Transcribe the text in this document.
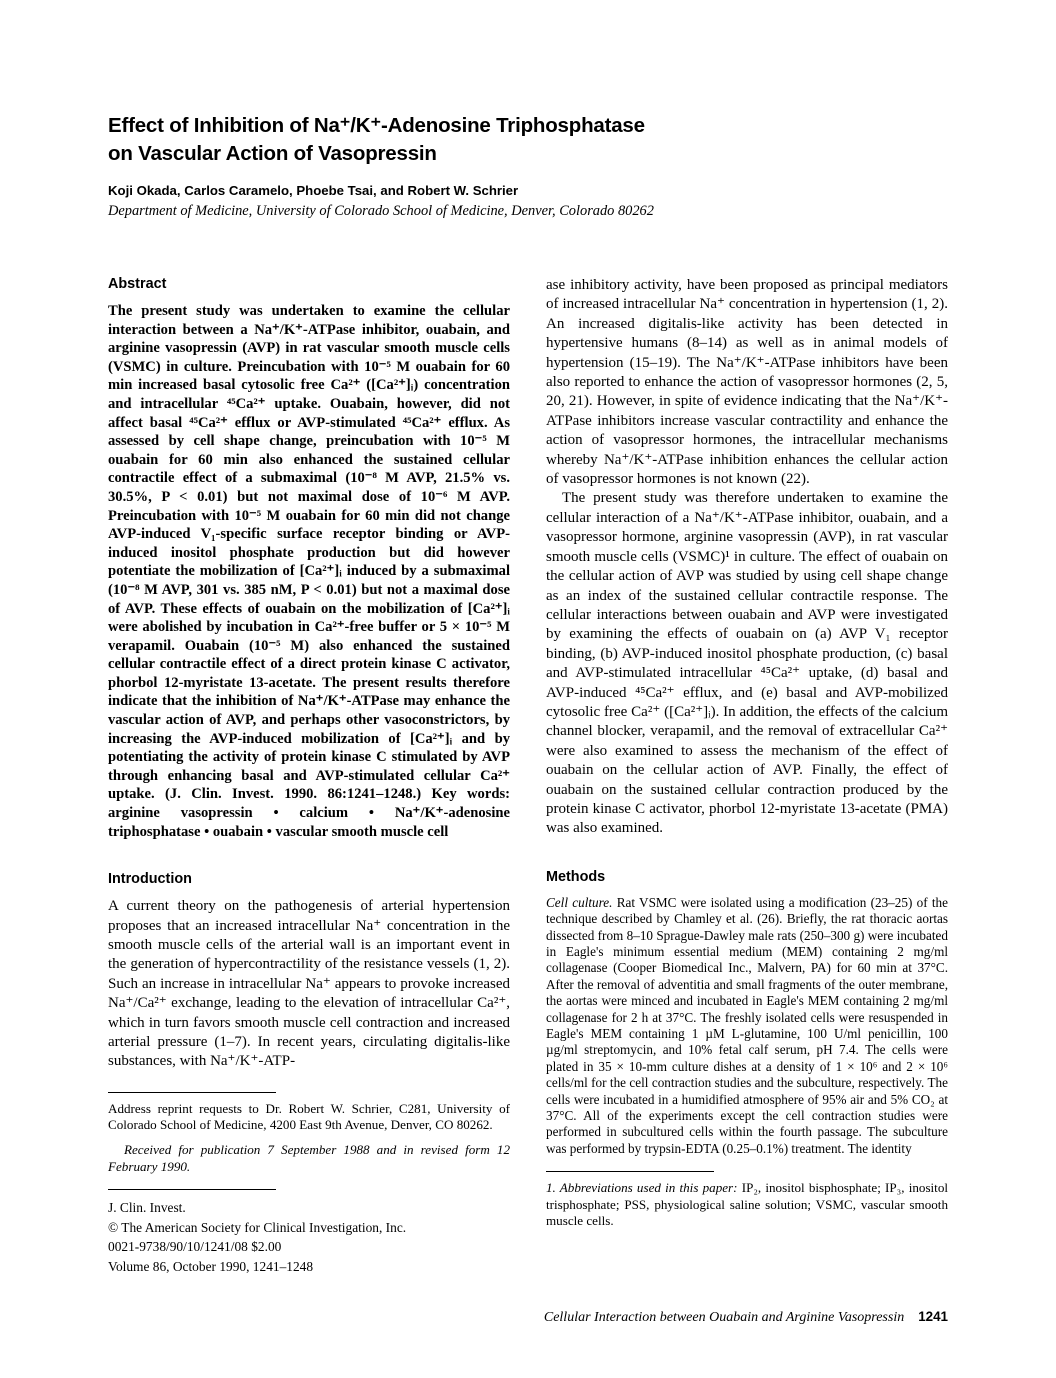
Effect of Inhibition of Na⁺/K⁺-Adenosine Triphosphatase
on Vascular Action of Vasopressin

Koji Okada, Carlos Caramelo, Phoebe Tsai, and Robert W. Schrier

Department of Medicine, University of Colorado School of Medicine, Denver, Colorado 80262

Abstract

The present study was undertaken to examine the cellular interaction between a Na⁺/K⁺-ATPase inhibitor, ouabain, and arginine vasopressin (AVP) in rat vascular smooth muscle cells (VSMC) in culture. Preincubation with 10⁻⁵ M ouabain for 60 min increased basal cytosolic free Ca²⁺ ([Ca²⁺]ᵢ) concentration and intracellular ⁴⁵Ca²⁺ uptake. Ouabain, however, did not affect basal ⁴⁵Ca²⁺ efflux or AVP-stimulated ⁴⁵Ca²⁺ efflux. As assessed by cell shape change, preincubation with 10⁻⁵ M ouabain for 60 min also enhanced the sustained cellular contractile effect of a submaximal (10⁻⁸ M AVP, 21.5% vs. 30.5%, P < 0.01) but not maximal dose of 10⁻⁶ M AVP. Preincubation with 10⁻⁵ M ouabain for 60 min did not change AVP-induced V₁-specific surface receptor binding or AVP-induced inositol phosphate production but did however potentiate the mobilization of [Ca²⁺]ᵢ induced by a submaximal (10⁻⁸ M AVP, 301 vs. 385 nM, P < 0.01) but not a maximal dose of AVP. These effects of ouabain on the mobilization of [Ca²⁺]ᵢ were abolished by incubation in Ca²⁺-free buffer or 5 × 10⁻⁵ M verapamil. Ouabain (10⁻⁵ M) also enhanced the sustained cellular contractile effect of a direct protein kinase C activator, phorbol 12-myristate 13-acetate. The present results therefore indicate that the inhibition of Na⁺/K⁺-ATPase may enhance the vascular action of AVP, and perhaps other vasoconstrictors, by increasing the AVP-induced mobilization of [Ca²⁺]ᵢ and by potentiating the activity of protein kinase C stimulated by AVP through enhancing basal and AVP-stimulated cellular Ca²⁺ uptake. (J. Clin. Invest. 1990. 86:1241–1248.) Key words: arginine vasopressin • calcium • Na⁺/K⁺-adenosine triphosphatase • ouabain • vascular smooth muscle cell

Introduction

A current theory on the pathogenesis of arterial hypertension proposes that an increased intracellular Na⁺ concentration in the smooth muscle cells of the arterial wall is an important event in the generation of hypercontractility of the resistance vessels (1, 2). Such an increase in intracellular Na⁺ appears to provoke increased Na⁺/Ca²⁺ exchange, leading to the elevation of intracellular Ca²⁺, which in turn favors smooth muscle cell contraction and increased arterial pressure (1–7). In recent years, circulating digitalis-like substances, with Na⁺/K⁺-ATP-

Address reprint requests to Dr. Robert W. Schrier, C281, University of Colorado School of Medicine, 4200 East 9th Avenue, Denver, CO 80262.

Received for publication 7 September 1988 and in revised form 12 February 1990.

J. Clin. Invest.
© The American Society for Clinical Investigation, Inc.
0021-9738/90/10/1241/08 $2.00
Volume 86, October 1990, 1241–1248

ase inhibitory activity, have been proposed as principal mediators of increased intracellular Na⁺ concentration in hypertension (1, 2). An increased digitalis-like activity has been detected in hypertensive humans (8–14) as well as in animal models of hypertension (15–19). The Na⁺/K⁺-ATPase inhibitors have been also reported to enhance the action of vasopressor hormones (2, 5, 20, 21). However, in spite of evidence indicating that the Na⁺/K⁺-ATPase inhibitors increase vascular contractility and enhance the action of vasopressor hormones, the intracellular mechanisms whereby Na⁺/K⁺-ATPase inhibition enhances the cellular action of vasopressor hormones is not known (22).

The present study was therefore undertaken to examine the cellular interaction of a Na⁺/K⁺-ATPase inhibitor, ouabain, and a vasopressor hormone, arginine vasopressin (AVP), in rat vascular smooth muscle cells (VSMC)¹ in culture. The effect of ouabain on the cellular action of AVP was studied by using cell shape change as an index of the sustained cellular contractile response. The cellular interactions between ouabain and AVP were investigated by examining the effects of ouabain on (a) AVP V₁ receptor binding, (b) AVP-induced inositol phosphate production, (c) basal and AVP-stimulated intracellular ⁴⁵Ca²⁺ uptake, (d) basal and AVP-induced ⁴⁵Ca²⁺ efflux, and (e) basal and AVP-mobilized cytosolic free Ca²⁺ ([Ca²⁺]ᵢ). In addition, the effects of the calcium channel blocker, verapamil, and the removal of extracellular Ca²⁺ were also examined to assess the mechanism of the effect of ouabain on the cellular action of AVP. Finally, the effect of ouabain on the sustained cellular contraction produced by the protein kinase C activator, phorbol 12-myristate 13-acetate (PMA) was also examined.

Methods

Cell culture. Rat VSMC were isolated using a modification (23–25) of the technique described by Chamley et al. (26). Briefly, the rat thoracic aortas dissected from 8–10 Sprague-Dawley male rats (250–300 g) were incubated in Eagle's minimum essential medium (MEM) containing 2 mg/ml collagenase (Cooper Biomedical Inc., Malvern, PA) for 60 min at 37°C. After the removal of adventitia and small fragments of the outer membrane, the aortas were minced and incubated in Eagle's MEM containing 2 mg/ml collagenase for 2 h at 37°C. The freshly isolated cells were resuspended in Eagle's MEM containing 1 µM L-glutamine, 100 U/ml penicillin, 100 µg/ml streptomycin, and 10% fetal calf serum, pH 7.4. The cells were plated in 35 × 10-mm culture dishes at a density of 1 × 10⁶ and 2 × 10⁶ cells/ml for the cell contraction studies and the subculture, respectively. The cells were incubated in a humidified atmosphere of 95% air and 5% CO₂ at 37°C. All of the experiments except the cell contraction studies were performed in subcultured cells within the fourth passage. The subculture was performed by trypsin-EDTA (0.25–0.1%) treatment. The identity

1. Abbreviations used in this paper: IP₂, inositol bisphosphate; IP₃, inositol trisphosphate; PSS, physiological saline solution; VSMC, vascular smooth muscle cells.

Cellular Interaction between Ouabain and Arginine Vasopressin 1241
